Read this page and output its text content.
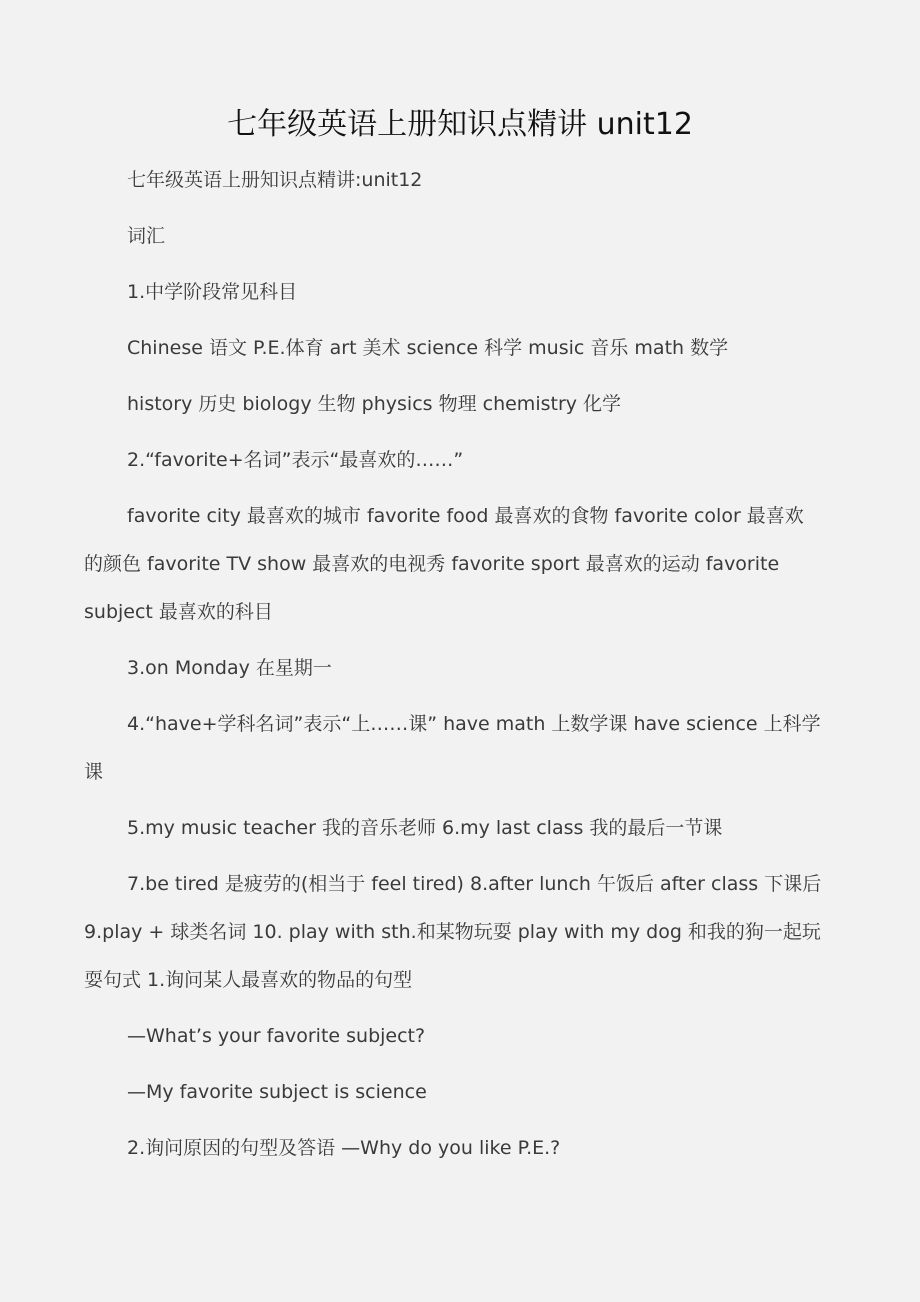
七年级英语上册知识点精讲 unit12
七年级英语上册知识点精讲:unit12
词汇
1.中学阶段常见科目
Chinese 语文 P.E.体育 art 美术 science 科学 music 音乐 math 数学
history 历史 biology 生物 physics 物理 chemistry 化学
2.“favorite+名词”表示“最喜欢的……”
favorite city 最喜欢的城市 favorite food 最喜欢的食物 favorite color 最喜欢
的颜色 favorite TV show 最喜欢的电视秀 favorite sport 最喜欢的运动 favorite
subject 最喜欢的科目
3.on Monday 在星期一
4.“have+学科名词”表示“上……课” have math 上数学课 have science 上科学
课
5.my music teacher 我的音乐老师 6.my last class 我的最后一节课
7.be tired 是疲劳的(相当于 feel tired) 8.after lunch 午饭后 after class 下课后
9.play + 球类名词 10. play with sth.和某物玩耍 play with my dog 和我的狗一起玩
耍句式 1.询问某人最喜欢的物品的句型
—What’s your favorite subject?
—My favorite subject is science
2.询问原因的句型及答语 —Why do you like P.E.?
